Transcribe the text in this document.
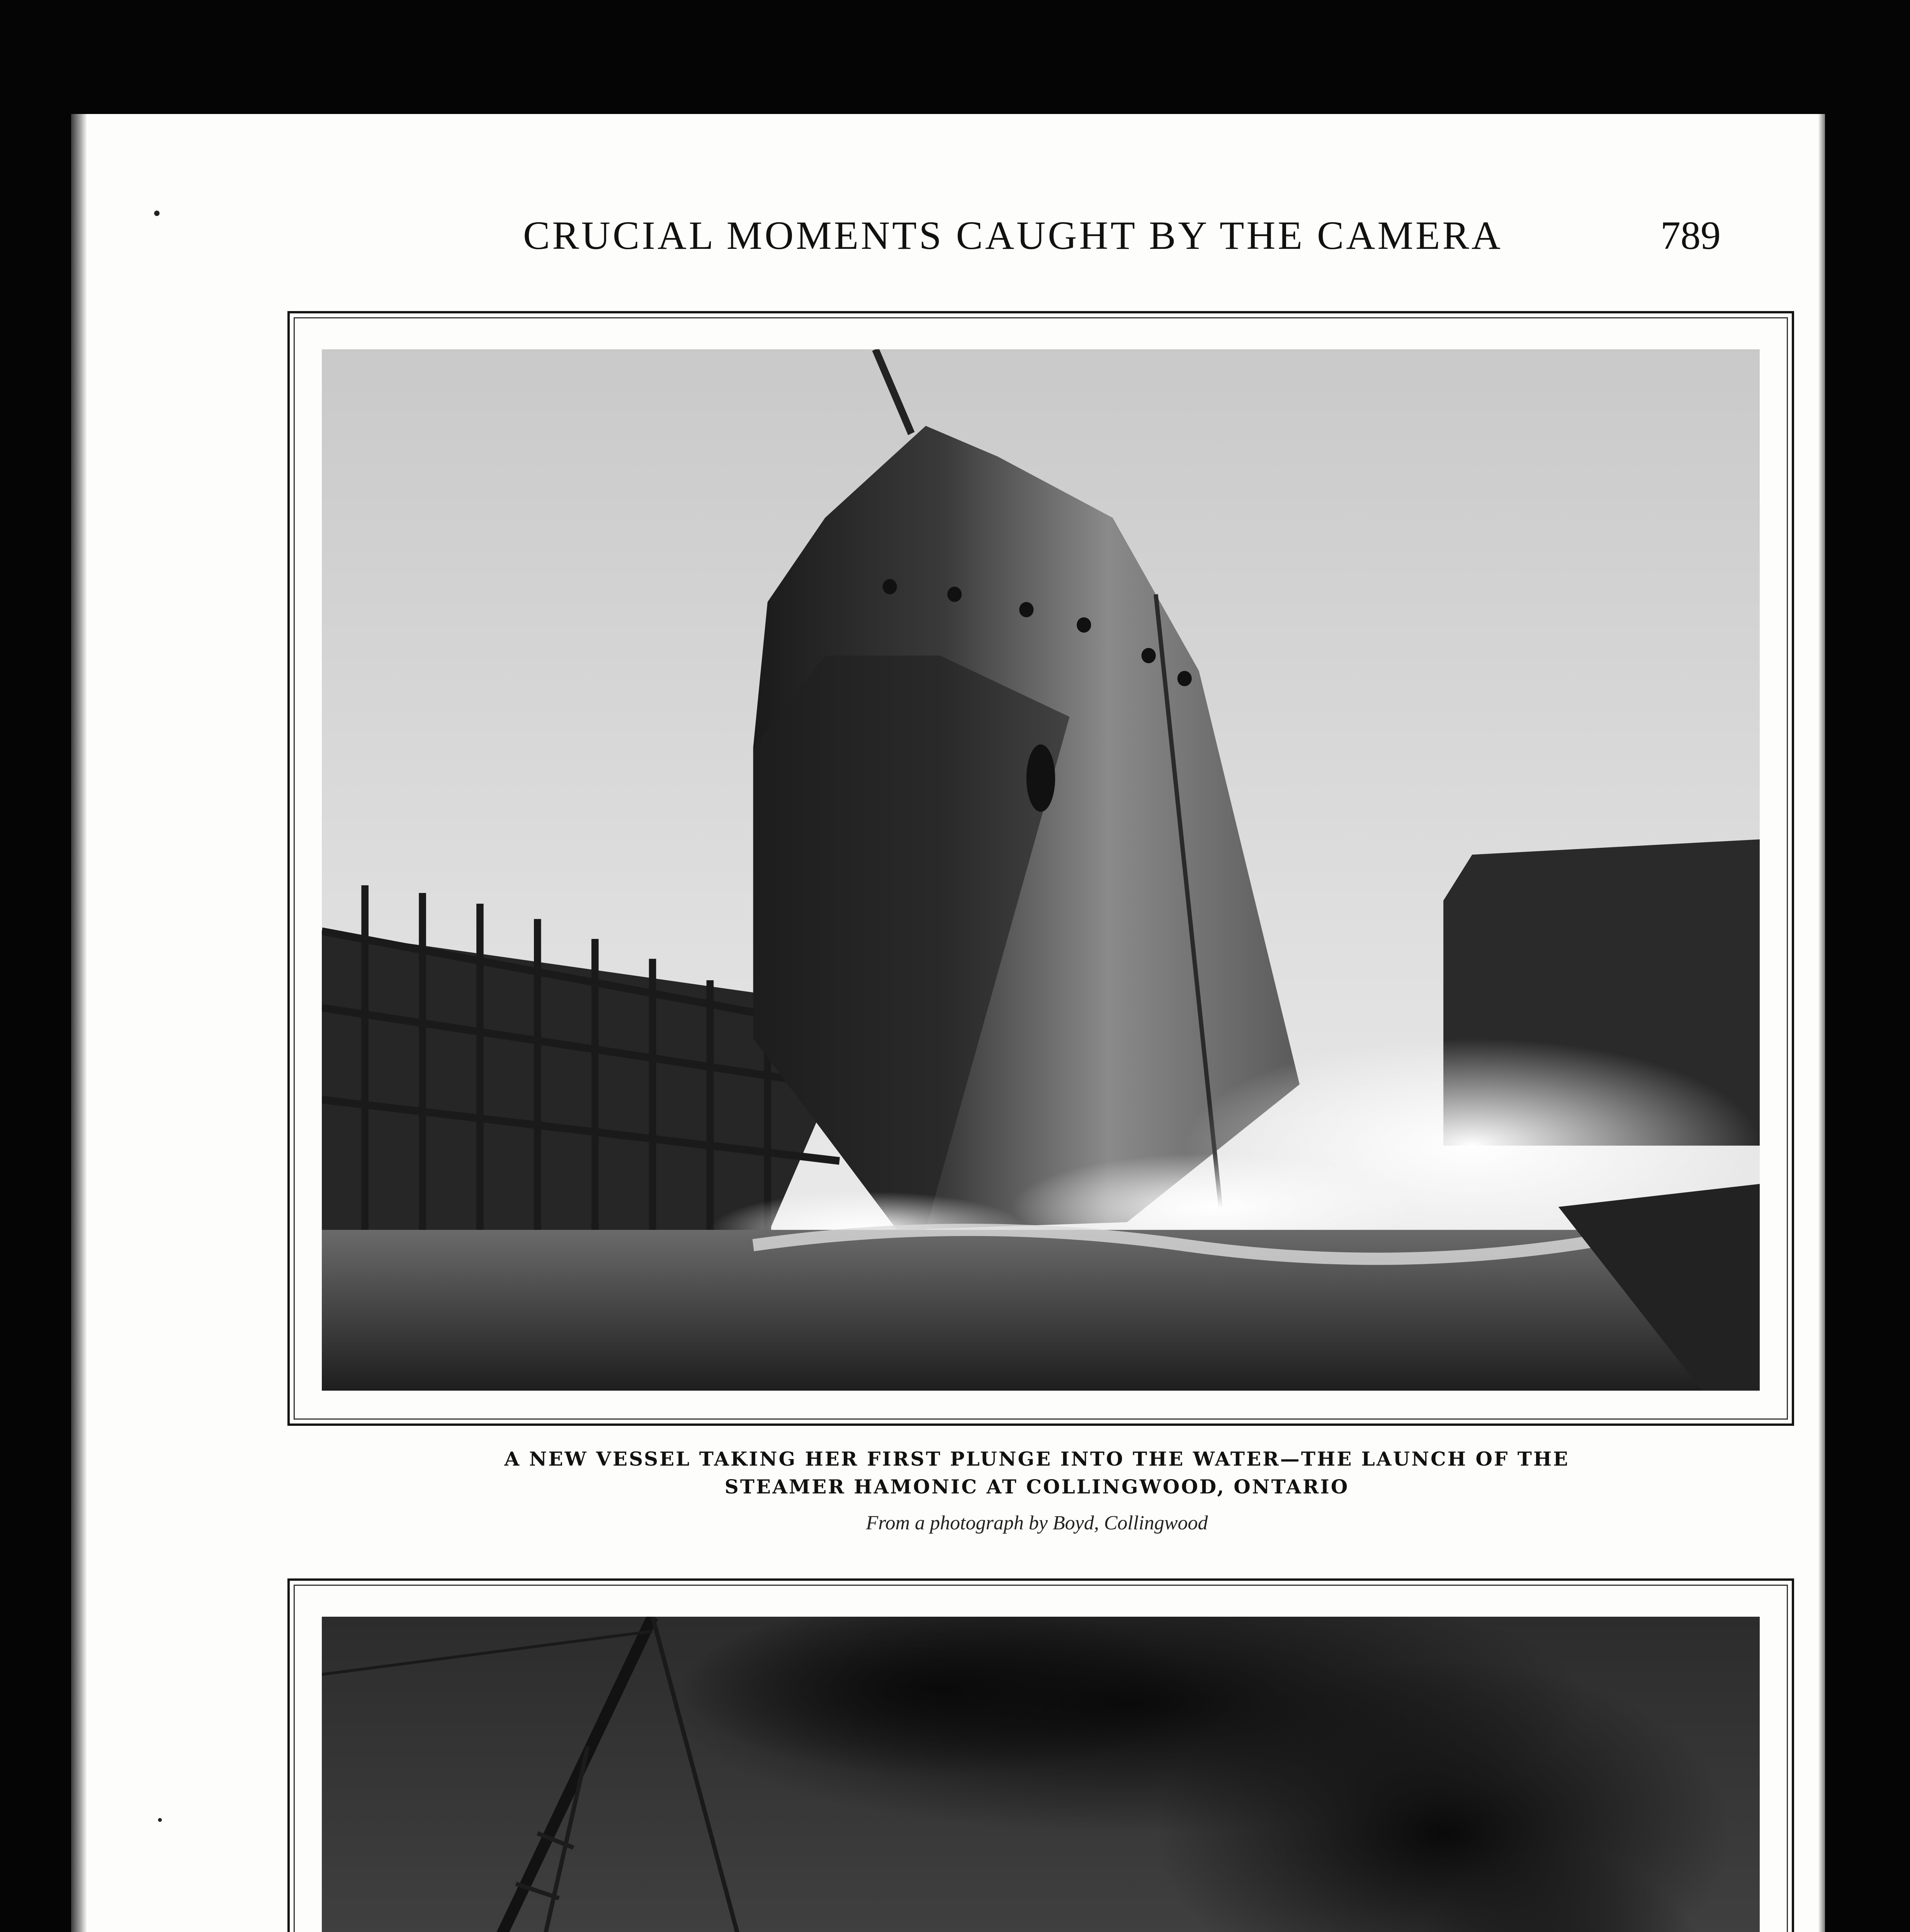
CRUCIAL MOMENTS CAUGHT BY THE CAMERA	789
A NEW VESSEL TAKING HER FIRST PLUNGE INTO THE WATER—THE LAUNCH OF THE
STEAMER HAMONIC AT COLLINGWOOD, ONTARIO
From a photograph by Boyd, Collingwood
